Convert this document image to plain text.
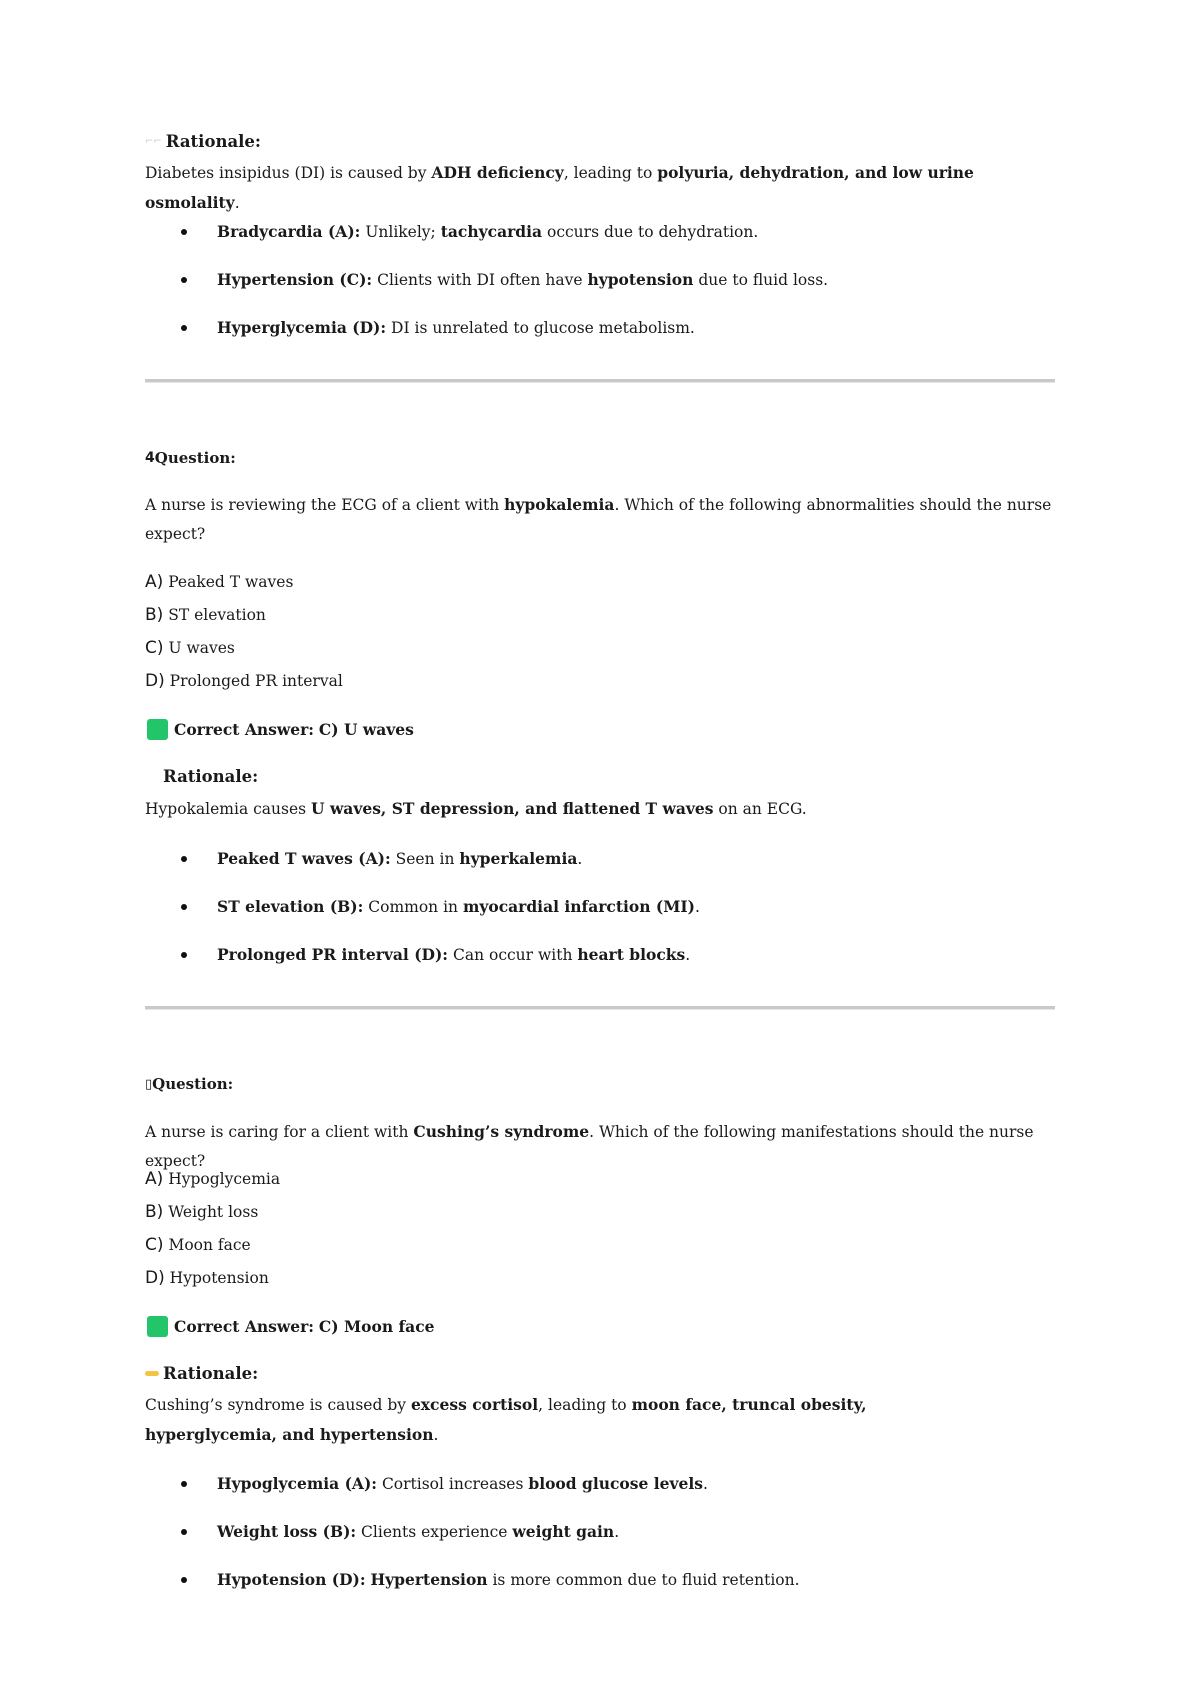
⌐⌐ Rationale:
Diabetes insipidus (DI) is caused by ADH deficiency, leading to polyuria, dehydration, and low urine osmolality.
Bradycardia (A): Unlikely; tachycardia occurs due to dehydration.
Hypertension (C): Clients with DI often have hypotension due to fluid loss.
Hyperglycemia (D): DI is unrelated to glucose metabolism.
4 Question:
A nurse is reviewing the ECG of a client with hypokalemia. Which of the following abnormalities should the nurse expect?
A) Peaked T waves
B) ST elevation
C) U waves
D) Prolonged PR interval
Correct Answer:
C) U waves
Rationale:
Hypokalemia causes U waves, ST depression, and flattened T waves on an ECG.
Peaked T waves (A): Seen in hyperkalemia.
ST elevation (B): Common in myocardial infarction (MI).
Prolonged PR interval (D): Can occur with heart blocks.
▯ Question:
A nurse is caring for a client with Cushing’s syndrome. Which of the following manifestations should the nurse expect?
A) Hypoglycemia
B) Weight loss
C) Moon face
D) Hypotension
Correct Answer:
C) Moon face
Rationale:
Cushing’s syndrome is caused by excess cortisol, leading to moon face, truncal obesity, hyperglycemia, and hypertension.
Hypoglycemia (A): Cortisol increases blood glucose levels.
Weight loss (B): Clients experience weight gain.
Hypotension (D): Hypertension is more common due to fluid retention.
